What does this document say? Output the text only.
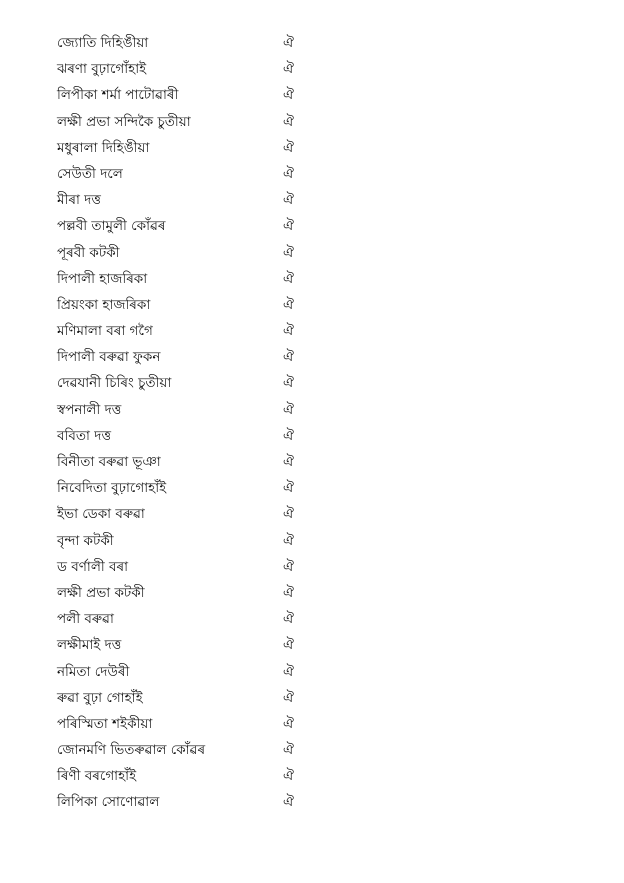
জ্যোতি দিহিঙীয়া	ঐ
ঝৰণা বুঢ়াগোঁহাই	ঐ
লিপীকা শৰ্মা পাটোৱাৰী	ঐ
লক্ষী প্ৰভা সন্দিকৈ চুতীয়া	ঐ
মধুৰালা দিহিঙীয়া	ঐ
সেউতী দলে	ঐ
মীৰা দত্ত	ঐ
পল্লবী তামুলী কোঁৱৰ	ঐ
পূৰবী কটকী	ঐ
দিপালী হাজৰিকা	ঐ
প্ৰিয়ংকা হাজৰিকা	ঐ
মণিমালা বৰা গগৈ	ঐ
দিপালী বৰুৱা ফুকন	ঐ
দেৱযানী চিৰিং চুতীয়া	ঐ
স্বপনালী দত্ত	ঐ
ববিতা দত্ত	ঐ
বিনীতা বৰুৱা ভূঞা	ঐ
নিবেদিতা বুঢ়াগোহাঁই	ঐ
ইভা ডেকা বৰুৱা	ঐ
বৃন্দা কটকী	ঐ
ড বৰ্ণালী বৰা	ঐ
লক্ষী প্ৰভা কটকী	ঐ
পলী বৰুৱা	ঐ
লক্ষীমাই দত্ত	ঐ
নমিতা দেউৰী	ঐ
ৰুৱা বুঢ়া গোহাঁই	ঐ
পৰিস্মিতা শইকীয়া	ঐ
জোনমণি ভিতৰুৱাল কোঁৱৰ	ঐ
ৰিণী বৰগোহাঁই	ঐ
লিপিকা সোণোৱাল	ঐ
